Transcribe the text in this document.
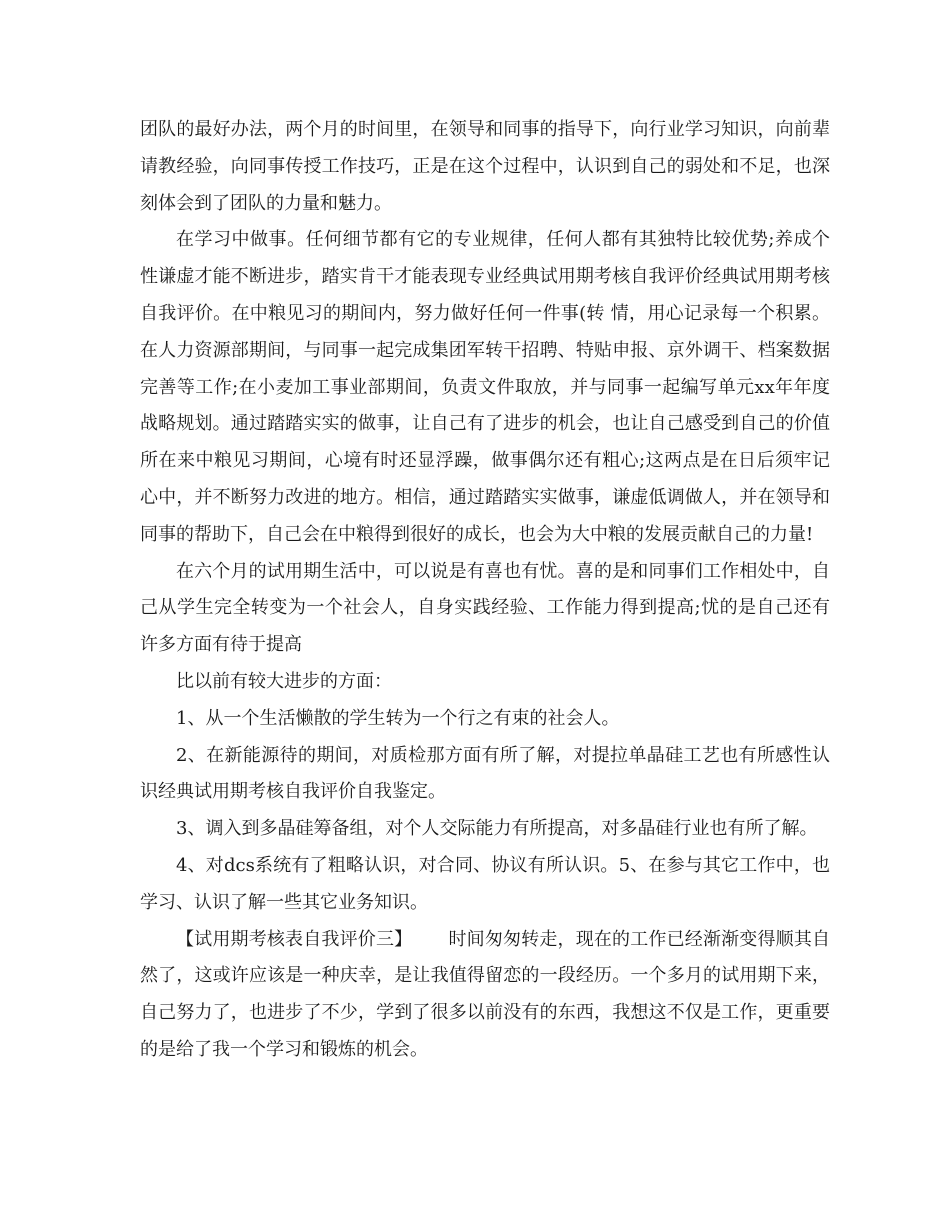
团队的最好办法，两个月的时间里，在领导和同事的指导下，向行业学习知识，向前辈请教经验，向同事传授工作技巧，正是在这个过程中，认识到自己的弱处和不足，也深刻体会到了团队的力量和魅力。

在学习中做事。任何细节都有它的专业规律，任何人都有其独特比较优势;养成个性谦虚才能不断进步，踏实肯干才能表现专业经典试用期考核自我评价经典试用期考核自我评价。在中粮见习的期间内，努力做好任何一件事(转 情，用心记录每一个积累。在人力资源部期间，与同事一起完成集团军转干招聘、特贴申报、京外调干、档案数据完善等工作;在小麦加工事业部期间，负责文件取放，并与同事一起编写单元xx年年度战略规划。通过踏踏实实的做事，让自己有了进步的机会，也让自己感受到自己的价值所在来中粮见习期间，心境有时还显浮躁，做事偶尔还有粗心;这两点是在日后须牢记心中，并不断努力改进的地方。相信，通过踏踏实实做事，谦虚低调做人，并在领导和同事的帮助下，自己会在中粮得到很好的成长，也会为大中粮的发展贡献自己的力量!

在六个月的试用期生活中，可以说是有喜也有忧。喜的是和同事们工作相处中，自己从学生完全转变为一个社会人，自身实践经验、工作能力得到提高;忧的是自己还有许多方面有待于提高

比以前有较大进步的方面：

1、从一个生活懒散的学生转为一个行之有束的社会人。

2、在新能源待的期间，对质检那方面有所了解，对提拉单晶硅工艺也有所感性认识经典试用期考核自我评价自我鉴定。

3、调入到多晶硅筹备组，对个人交际能力有所提高，对多晶硅行业也有所了解。

4、对dcs系统有了粗略认识，对合同、协议有所认识。5、在参与其它工作中，也学习、认识了解一些其它业务知识。

【试用期考核表自我评价三】 时间匆匆转走，现在的工作已经渐渐变得顺其自然了，这或许应该是一种庆幸，是让我值得留恋的一段经历。一个多月的试用期下来，自己努力了，也进步了不少，学到了很多以前没有的东西，我想这不仅是工作，更重要的是给了我一个学习和锻炼的机会。
